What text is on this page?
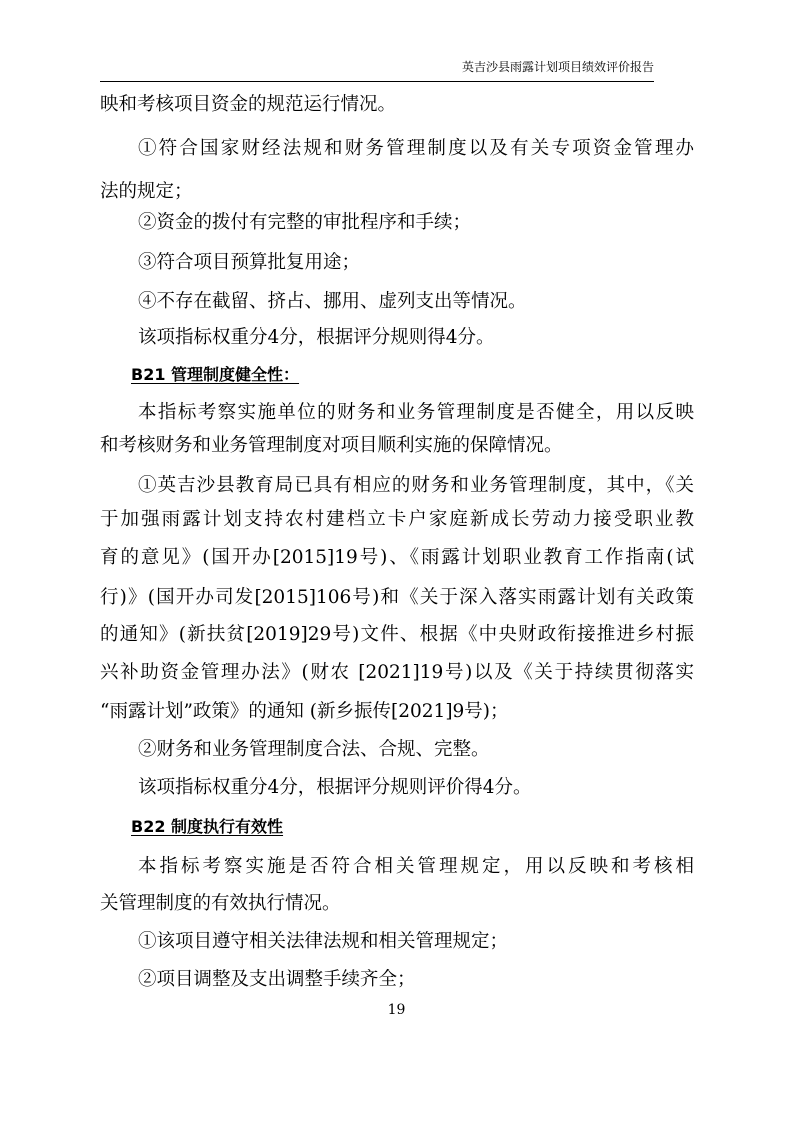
英吉沙县雨露计划项目绩效评价报告
映和考核项目资金的规范运行情况。
①符合国家财经法规和财务管理制度以及有关专项资金管理办
法的规定；
②资金的拨付有完整的审批程序和手续；
③符合项目预算批复用途；
④不存在截留、挤占、挪用、虚列支出等情况。
该项指标权重分4分，根据评分规则得4分。
B21 管理制度健全性：
本指标考察实施单位的财务和业务管理制度是否健全，用以反映
和考核财务和业务管理制度对项目顺利实施的保障情况。
①英吉沙县教育局已具有相应的财务和业务管理制度，其中，《关
于加强雨露计划支持农村建档立卡户家庭新成长劳动力接受职业教
育的意见》(国开办[2015]19号)、《雨露计划职业教育工作指南(试
行)》(国开办司发[2015]106号)和《关于深入落实雨露计划有关政策
的通知》(新扶贫[2019]29号)文件、根据《中央财政衔接推进乡村振
兴补助资金管理办法》(财农 [2021]19号)以及《关于持续贯彻落实
“雨露计划”政策》的通知 (新乡振传[2021]9号)；
②财务和业务管理制度合法、合规、完整。
该项指标权重分4分，根据评分规则评价得4分。
B22 制度执行有效性
本指标考察实施是否符合相关管理规定，用以反映和考核相
关管理制度的有效执行情况。
①该项目遵守相关法律法规和相关管理规定；
②项目调整及支出调整手续齐全；
19
